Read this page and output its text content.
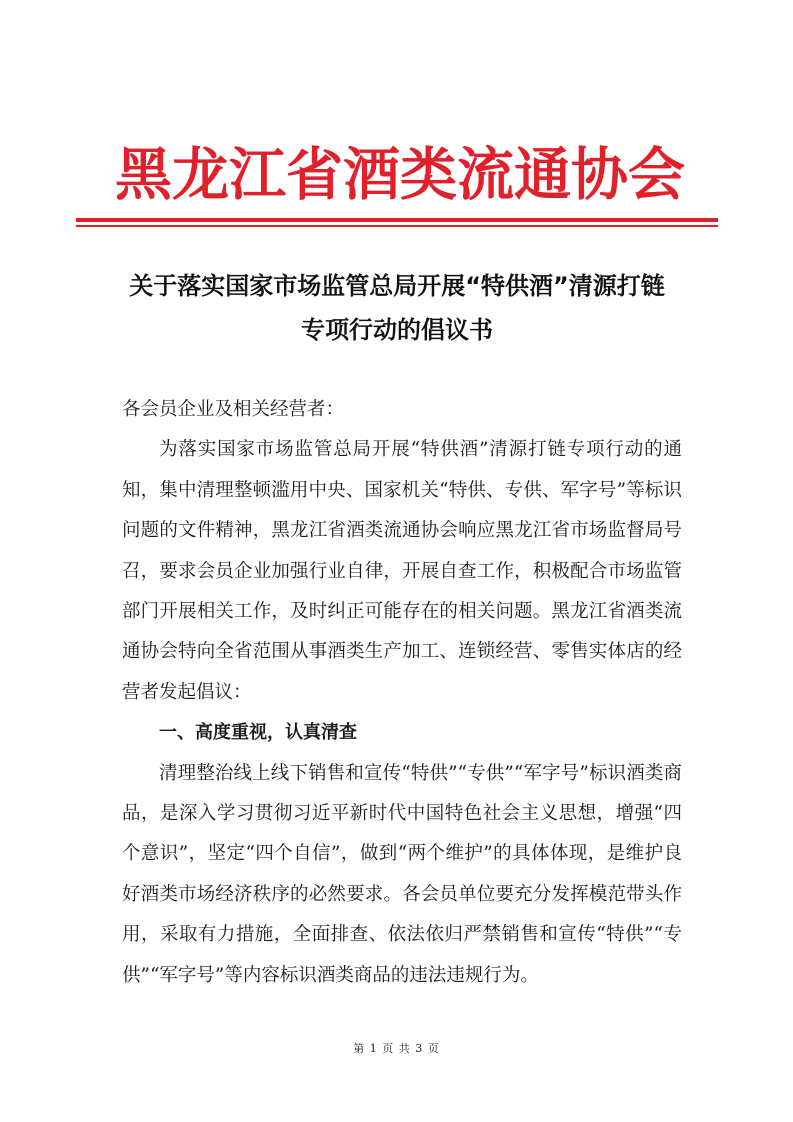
黑龙江省酒类流通协会
关于落实国家市场监管总局开展“特供酒”清源打链
专项行动的倡议书

各会员企业及相关经营者：

为落实国家市场监管总局开展“特供酒”清源打链专项行动的通知，集中清理整顿滥用中央、国家机关“特供、专供、军字号”等标识问题的文件精神，黑龙江省酒类流通协会响应黑龙江省市场监督局号召，要求会员企业加强行业自律，开展自查工作，积极配合市场监管部门开展相关工作，及时纠正可能存在的相关问题。黑龙江省酒类流通协会特向全省范围从事酒类生产加工、连锁经营、零售实体店的经营者发起倡议：

一、高度重视，认真清查

清理整治线上线下销售和宣传“特供”“专供”“军字号”标识酒类商品，是深入学习贯彻习近平新时代中国特色社会主义思想，增强“四个意识”，坚定“四个自信”，做到“两个维护”的具体体现，是维护良好酒类市场经济秩序的必然要求。各会员单位要充分发挥模范带头作用，采取有力措施，全面排查、依法依归严禁销售和宣传“特供”“专供”“军字号”等内容标识酒类商品的违法违规行为。

第 1 页 共 3 页
